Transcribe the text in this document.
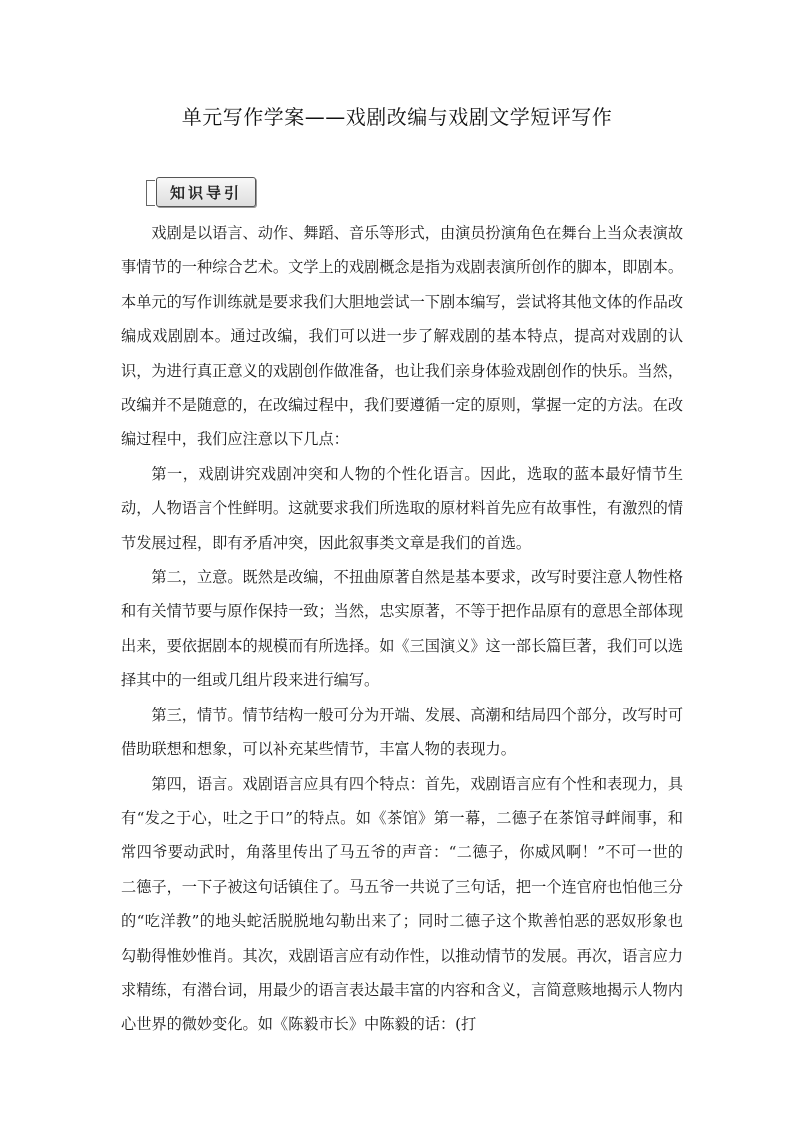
单元写作学案——戏剧改编与戏剧文学短评写作
知识导引

戏剧是以语言、动作、舞蹈、音乐等形式，由演员扮演角色在舞台上当众表演故事情节的一种综合艺术。文学上的戏剧概念是指为戏剧表演所创作的脚本，即剧本。本单元的写作训练就是要求我们大胆地尝试一下剧本编写，尝试将其他文体的作品改编成戏剧剧本。通过改编，我们可以进一步了解戏剧的基本特点，提高对戏剧的认识，为进行真正意义的戏剧创作做准备，也让我们亲身体验戏剧创作的快乐。当然，改编并不是随意的，在改编过程中，我们要遵循一定的原则，掌握一定的方法。在改编过程中，我们应注意以下几点：

第一，戏剧讲究戏剧冲突和人物的个性化语言。因此，选取的蓝本最好情节生动，人物语言个性鲜明。这就要求我们所选取的原材料首先应有故事性，有激烈的情节发展过程，即有矛盾冲突，因此叙事类文章是我们的首选。

第二，立意。既然是改编，不扭曲原著自然是基本要求，改写时要注意人物性格和有关情节要与原作保持一致；当然，忠实原著，不等于把作品原有的意思全部体现出来，要依据剧本的规模而有所选择。如《三国演义》这一部长篇巨著，我们可以选择其中的一组或几组片段来进行编写。

第三，情节。情节结构一般可分为开端、发展、高潮和结局四个部分，改写时可借助联想和想象，可以补充某些情节，丰富人物的表现力。

第四，语言。戏剧语言应具有四个特点：首先，戏剧语言应有个性和表现力，具有“发之于心，吐之于口”的特点。如《茶馆》第一幕，二德子在茶馆寻衅闹事，和常四爷要动武时，角落里传出了马五爷的声音：“二德子，你威风啊！”不可一世的二德子，一下子被这句话镇住了。马五爷一共说了三句话，把一个连官府也怕他三分的“吃洋教”的地头蛇活脱脱地勾勒出来了；同时二德子这个欺善怕恶的恶奴形象也勾勒得惟妙惟肖。其次，戏剧语言应有动作性，以推动情节的发展。再次，语言应力求精练，有潜台词，用最少的语言表达最丰富的内容和含义，言简意赅地揭示人物内心世界的微妙变化。如《陈毅市长》中陈毅的话：(打
